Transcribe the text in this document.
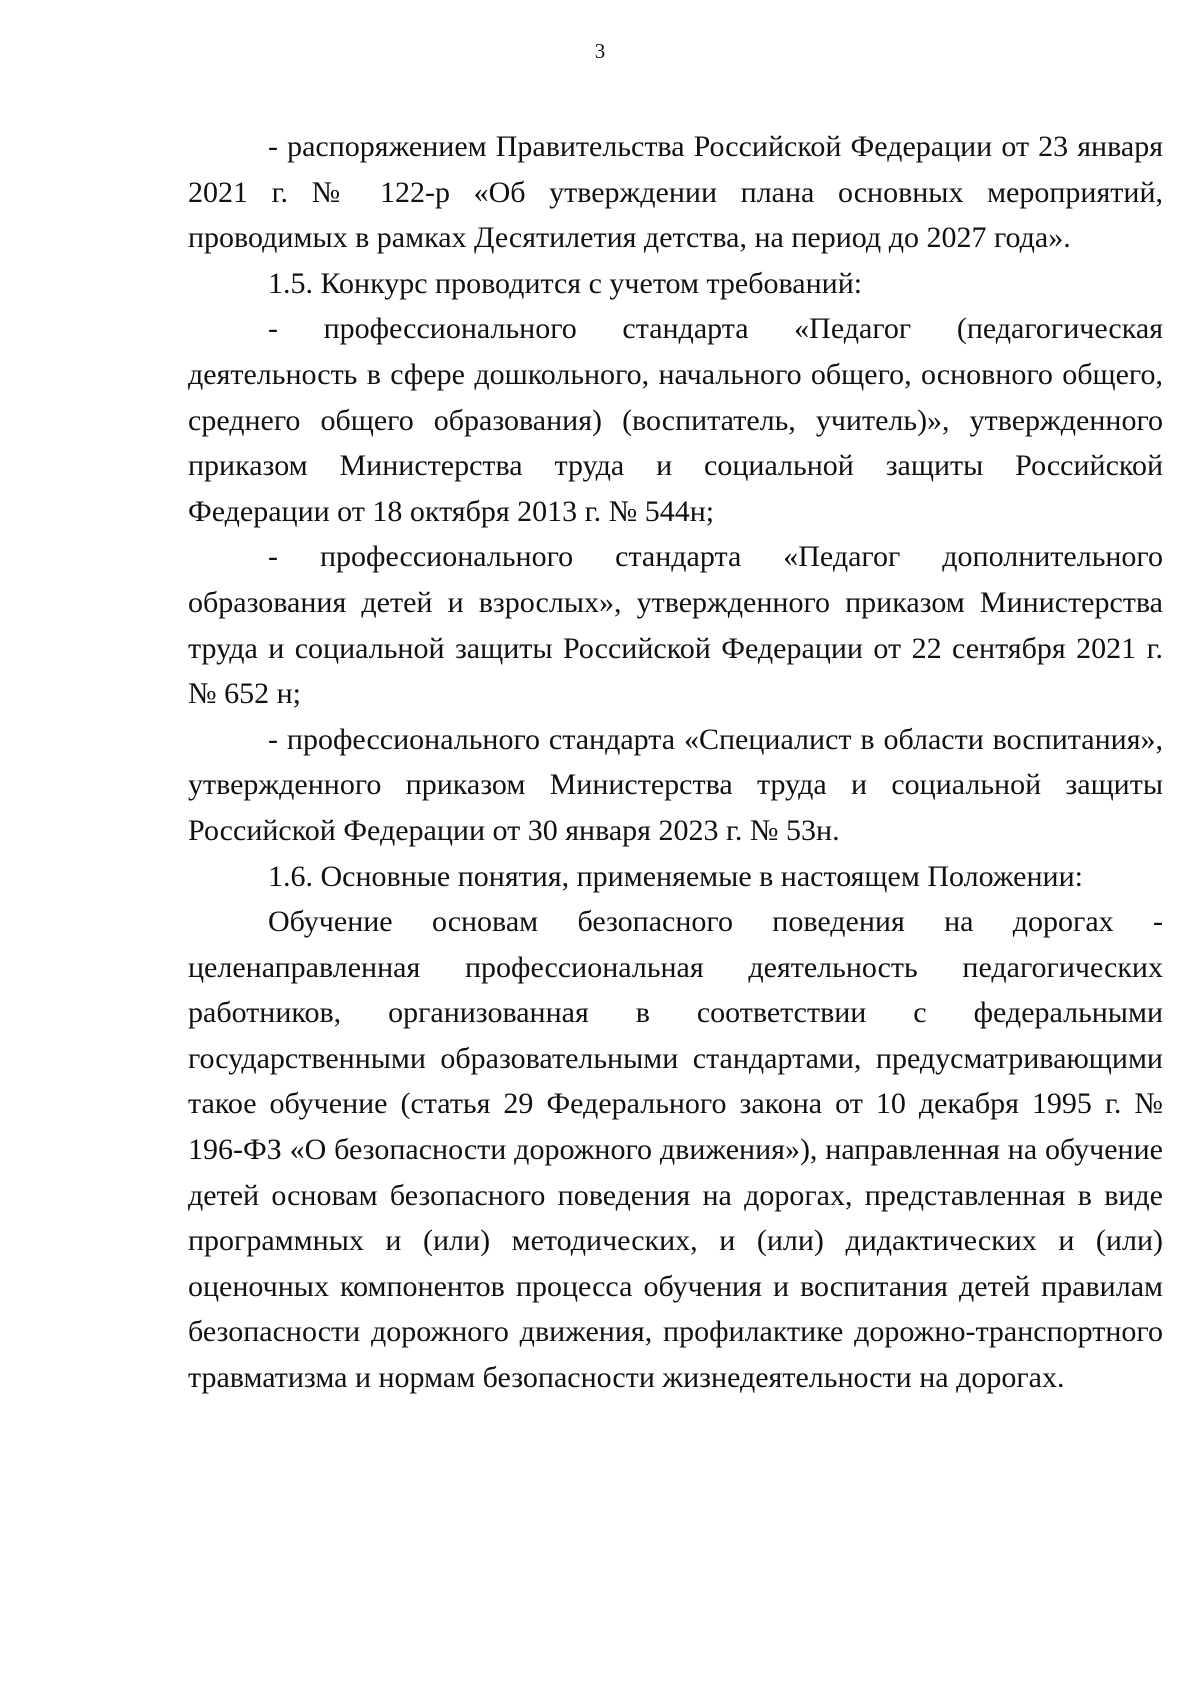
3

- распоряжением Правительства Российской Федерации от 23 января 2021 г. № 122-р «Об утверждении плана основных мероприятий, проводимых в рамках Десятилетия детства, на период до 2027 года».

1.5. Конкурс проводится с учетом требований:

- профессионального стандарта «Педагог (педагогическая деятельность в сфере дошкольного, начального общего, основного общего, среднего общего образования) (воспитатель, учитель)», утвержденного приказом Министерства труда и социальной защиты Российской Федерации от 18 октября 2013 г. № 544н;

- профессионального стандарта «Педагог дополнительного образования детей и взрослых», утвержденного приказом Министерства труда и социальной защиты Российской Федерации от 22 сентября 2021 г. № 652 н;

- профессионального стандарта «Специалист в области воспитания», утвержденного приказом Министерства труда и социальной защиты Российской Федерации от 30 января 2023 г. № 53н.

1.6. Основные понятия, применяемые в настоящем Положении:

Обучение основам безопасного поведения на дорогах - целенаправленная профессиональная деятельность педагогических работников, организованная в соответствии с федеральными государственными образовательными стандартами, предусматривающими такое обучение (статья 29 Федерального закона от 10 декабря 1995 г. № 196-ФЗ «О безопасности дорожного движения»), направленная на обучение детей основам безопасного поведения на дорогах, представленная в виде программных и (или) методических, и (или) дидактических и (или) оценочных компонентов процесса обучения и воспитания детей правилам безопасности дорожного движения, профилактике дорожно-транспортного травматизма и нормам безопасности жизнедеятельности на дорогах.
